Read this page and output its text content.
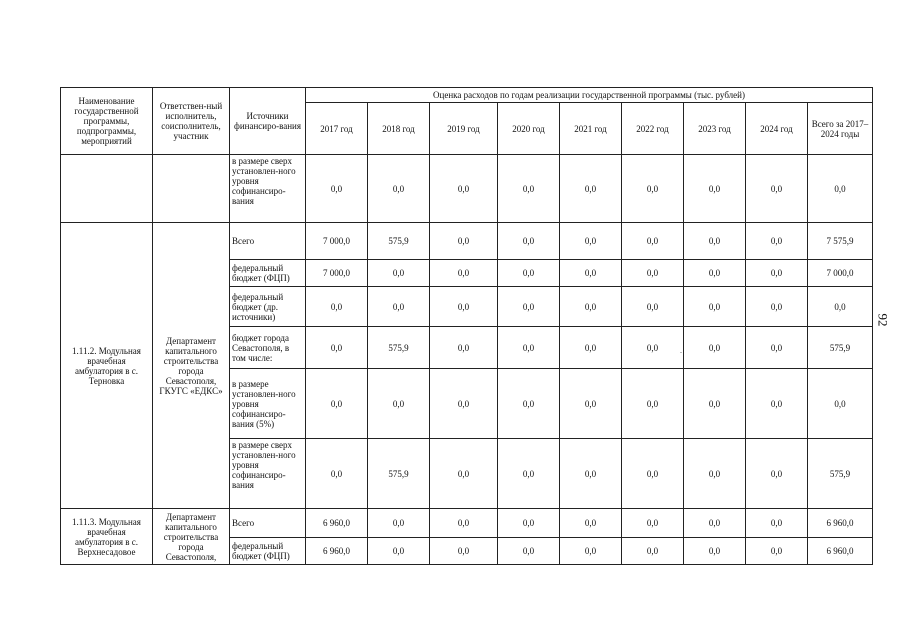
Наименование государственной программы, подпрограммы, мероприятий	Ответствен-ный исполнитель, соисполнитель, участник	Источники финансиро-вания	Оценка расходов по годам реализации государственной программы (тыс. рублей)								
			2017 год	2018 год	2019 год	2020 год	2021 год	2022 год	2023 год	2024 год	Всего за 2017–2024 годы
		в размере сверх установлен-ного уровня софинансиро-вания	0,0	0,0	0,0	0,0	0,0	0,0	0,0	0,0	0,0
1.11.2. Модульная врачебная амбулатория в с. Терновка	Департамент капитального строительства города Севастополя, ГКУГС «ЕДКС»	Всего	7 000,0	575,9	0,0	0,0	0,0	0,0	0,0	0,0	7 575,9
		федеральный бюджет (ФЦП)	7 000,0	0,0	0,0	0,0	0,0	0,0	0,0	0,0	7 000,0
		федеральный бюджет (др. источники)	0,0	0,0	0,0	0,0	0,0	0,0	0,0	0,0	0,0
		бюджет города Севастополя, в том числе:	0,0	575,9	0,0	0,0	0,0	0,0	0,0	0,0	575,9
		в размере установлен-ного уровня софинансиро-вания (5%)	0,0	0,0	0,0	0,0	0,0	0,0	0,0	0,0	0,0
		в размере сверх установлен-ного уровня софинансиро-вания	0,0	575,9	0,0	0,0	0,0	0,0	0,0	0,0	575,9
1.11.3. Модульная врачебная амбулатория в с. Верхнесадовое	Департамент капитального строительства города Севастополя,	Всего	6 960,0	0,0	0,0	0,0	0,0	0,0	0,0	0,0	6 960,0
		федеральный бюджет (ФЦП)	6 960,0	0,0	0,0	0,0	0,0	0,0	0,0	0,0	6 960,0
.
92
